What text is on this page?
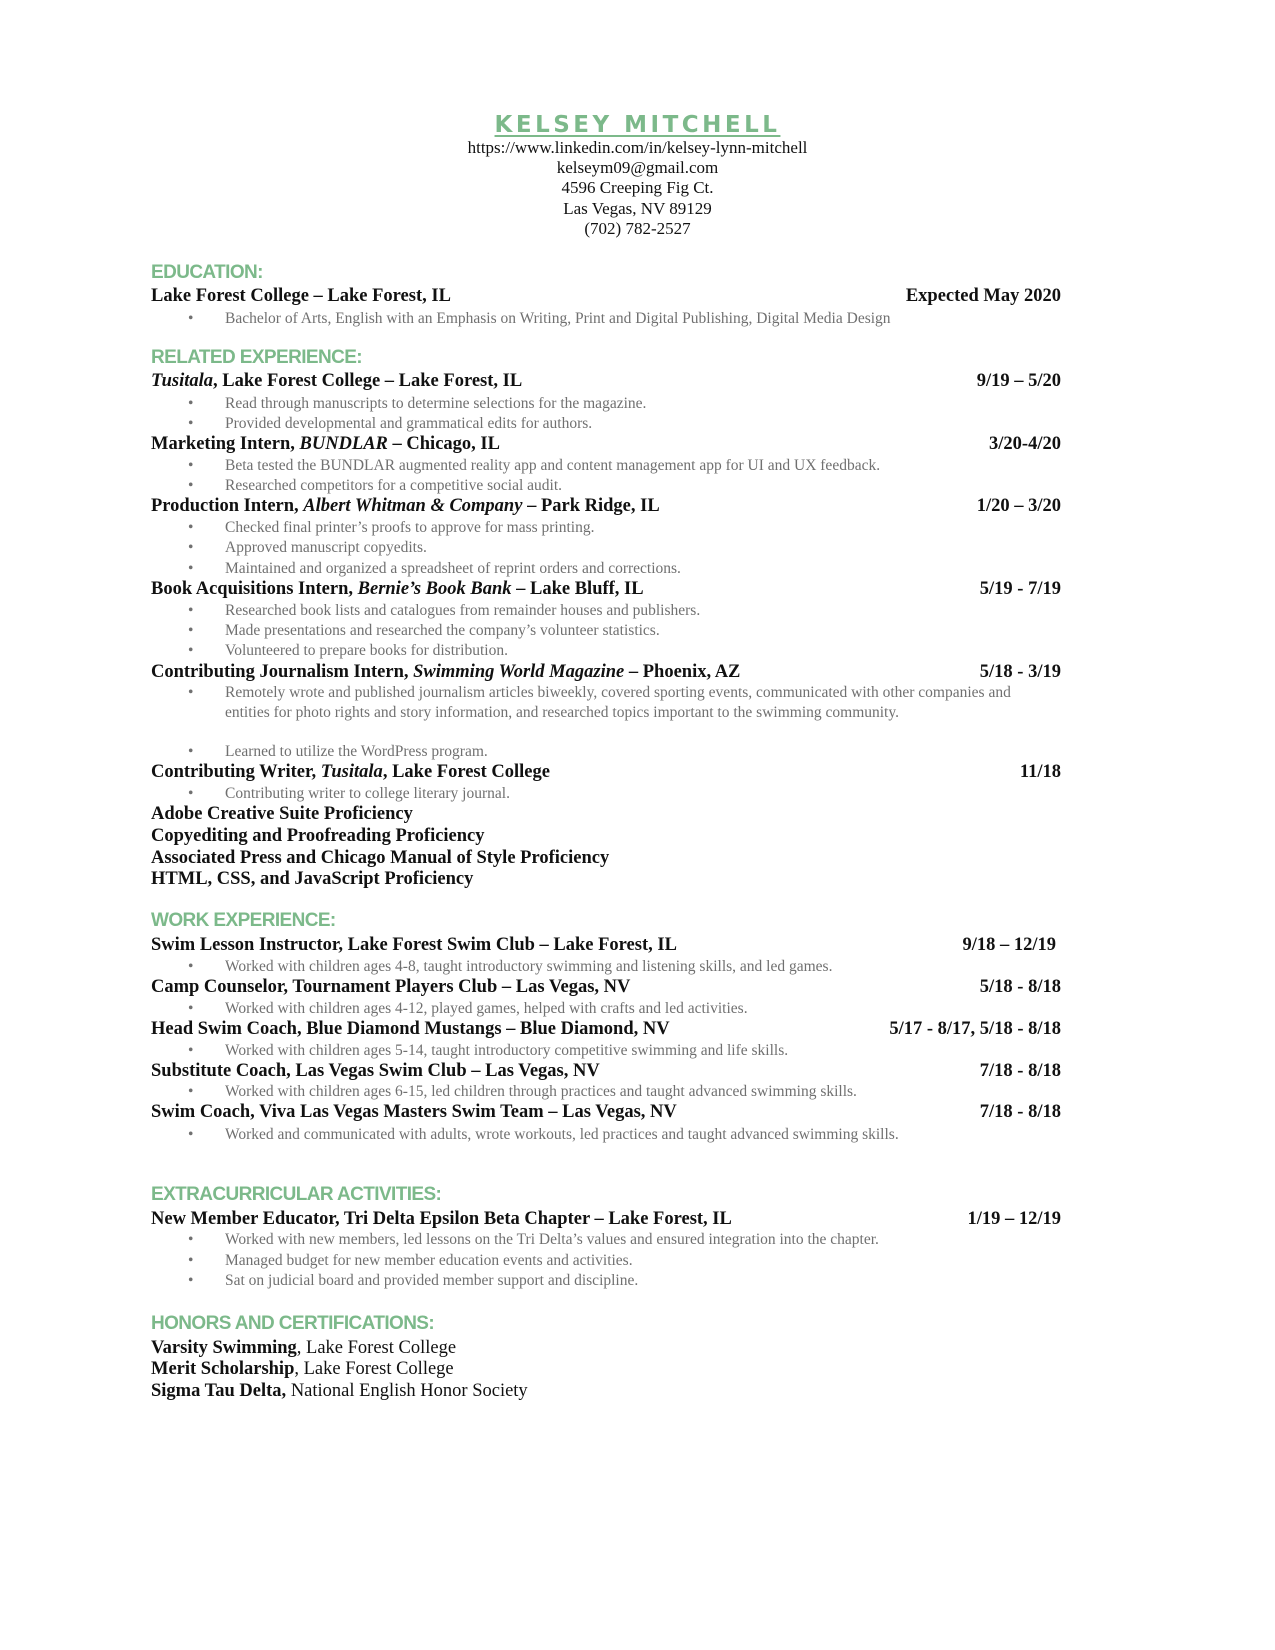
KELSEY MITCHELL
https://www.linkedin.com/in/kelsey-lynn-mitchell
kelseym09@gmail.com
4596 Creeping Fig Ct.
Las Vegas, NV 89129
(702) 782-2527
EDUCATION:
Lake Forest College – Lake Forest, IL	Expected May 2020
• Bachelor of Arts, English with an Emphasis on Writing, Print and Digital Publishing, Digital Media Design
RELATED EXPERIENCE:
Tusitala, Lake Forest College – Lake Forest, IL	9/19 – 5/20
• Read through manuscripts to determine selections for the magazine.
• Provided developmental and grammatical edits for authors.
Marketing Intern, BUNDLAR – Chicago, IL	3/20-4/20
• Beta tested the BUNDLAR augmented reality app and content management app for UI and UX feedback.
• Researched competitors for a competitive social audit.
Production Intern, Albert Whitman & Company – Park Ridge, IL	1/20 – 3/20
• Checked final printer’s proofs to approve for mass printing.
• Approved manuscript copyedits.
• Maintained and organized a spreadsheet of reprint orders and corrections.
Book Acquisitions Intern, Bernie’s Book Bank – Lake Bluff, IL	5/19 - 7/19
• Researched book lists and catalogues from remainder houses and publishers.
• Made presentations and researched the company’s volunteer statistics.
• Volunteered to prepare books for distribution.
Contributing Journalism Intern, Swimming World Magazine – Phoenix, AZ	5/18 - 3/19
• Remotely wrote and published journalism articles biweekly, covered sporting events, communicated with other companies and entities for photo rights and story information, and researched topics important to the swimming community.
• Learned to utilize the WordPress program.
Contributing Writer, Tusitala, Lake Forest College	11/18
• Contributing writer to college literary journal.
Adobe Creative Suite Proficiency
Copyediting and Proofreading Proficiency
Associated Press and Chicago Manual of Style Proficiency
HTML, CSS, and JavaScript Proficiency
WORK EXPERIENCE:
Swim Lesson Instructor, Lake Forest Swim Club – Lake Forest, IL	9/18 – 12/19
• Worked with children ages 4-8, taught introductory swimming and listening skills, and led games.
Camp Counselor, Tournament Players Club – Las Vegas, NV	5/18 - 8/18
• Worked with children ages 4-12, played games, helped with crafts and led activities.
Head Swim Coach, Blue Diamond Mustangs – Blue Diamond, NV	5/17 - 8/17, 5/18 - 8/18
• Worked with children ages 5-14, taught introductory competitive swimming and life skills.
Substitute Coach, Las Vegas Swim Club – Las Vegas, NV	7/18 - 8/18
• Worked with children ages 6-15, led children through practices and taught advanced swimming skills.
Swim Coach, Viva Las Vegas Masters Swim Team – Las Vegas, NV	7/18 - 8/18
• Worked and communicated with adults, wrote workouts, led practices and taught advanced swimming skills.
EXTRACURRICULAR ACTIVITIES:
New Member Educator, Tri Delta Epsilon Beta Chapter – Lake Forest, IL	1/19 – 12/19
• Worked with new members, led lessons on the Tri Delta’s values and ensured integration into the chapter.
• Managed budget for new member education events and activities.
• Sat on judicial board and provided member support and discipline.
HONORS AND CERTIFICATIONS:
Varsity Swimming, Lake Forest College
Merit Scholarship, Lake Forest College
Sigma Tau Delta, National English Honor Society
